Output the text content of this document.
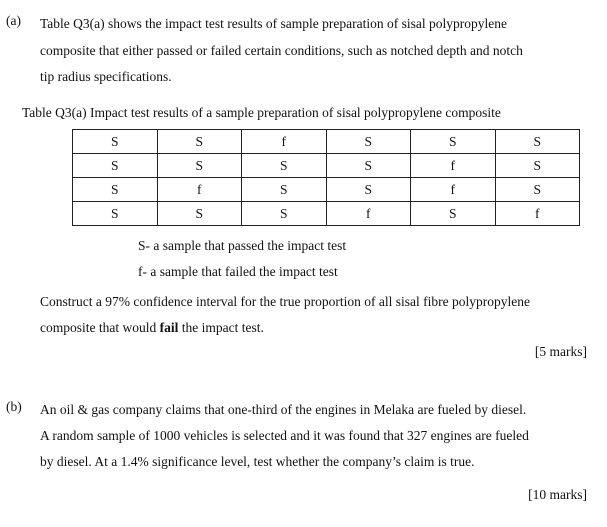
(a) Table Q3(a) shows the impact test results of sample preparation of sisal polypropylene
composite that either passed or failed certain conditions, such as notched depth and notch
tip radius specifications.
Table Q3(a) Impact test results of a sample preparation of sisal polypropylene composite
S	S	f	S	S	S
S	S	S	S	f	S
S	f	S	S	f	S
S	S	S	f	S	f
S- a sample that passed the impact test
f- a sample that failed the impact test
Construct a 97% confidence interval for the true proportion of all sisal fibre polypropylene
composite that would fail the impact test.
[5 marks]
(b) An oil & gas company claims that one-third of the engines in Melaka are fueled by diesel.
A random sample of 1000 vehicles is selected and it was found that 327 engines are fueled
by diesel. At a 1.4% significance level, test whether the company’s claim is true.
[10 marks]
